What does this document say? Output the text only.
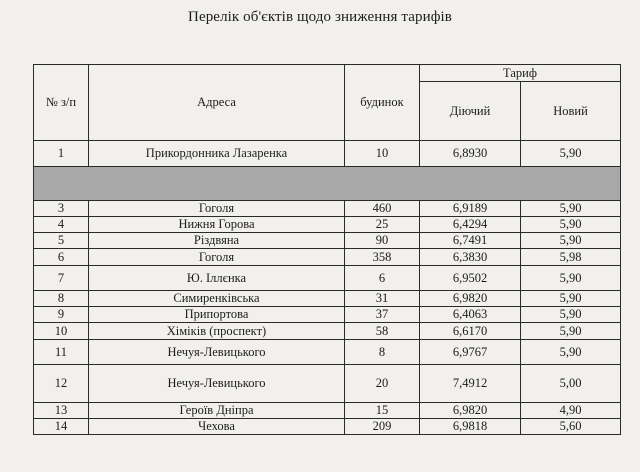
Перелік об'єктів щодо зниження тарифів
№ з/п	Адреса	будинок	Тариф	
			Діючий	Новий
1	Прикордонника Лазаренка	10	6,8930	5,90

3	Гоголя	460	6,9189	5,90
4	Нижня Горова	25	6,4294	5,90
5	Різдвяна	90	6,7491	5,90
6	Гоголя	358	6,3830	5,98
7	Ю. Іллєнка	6	6,9502	5,90
8	Симиренківська	31	6,9820	5,90
9	Припортова	37	6,4063	5,90
10	Хіміків (проспект)	58	6,6170	5,90
11	Нечуя-Левицького	8	6,9767	5,90
12	Нечуя-Левицького	20	7,4912	5,00
13	Героїв Дніпра	15	6,9820	4,90
14	Чехова	209	6,9818	5,60
